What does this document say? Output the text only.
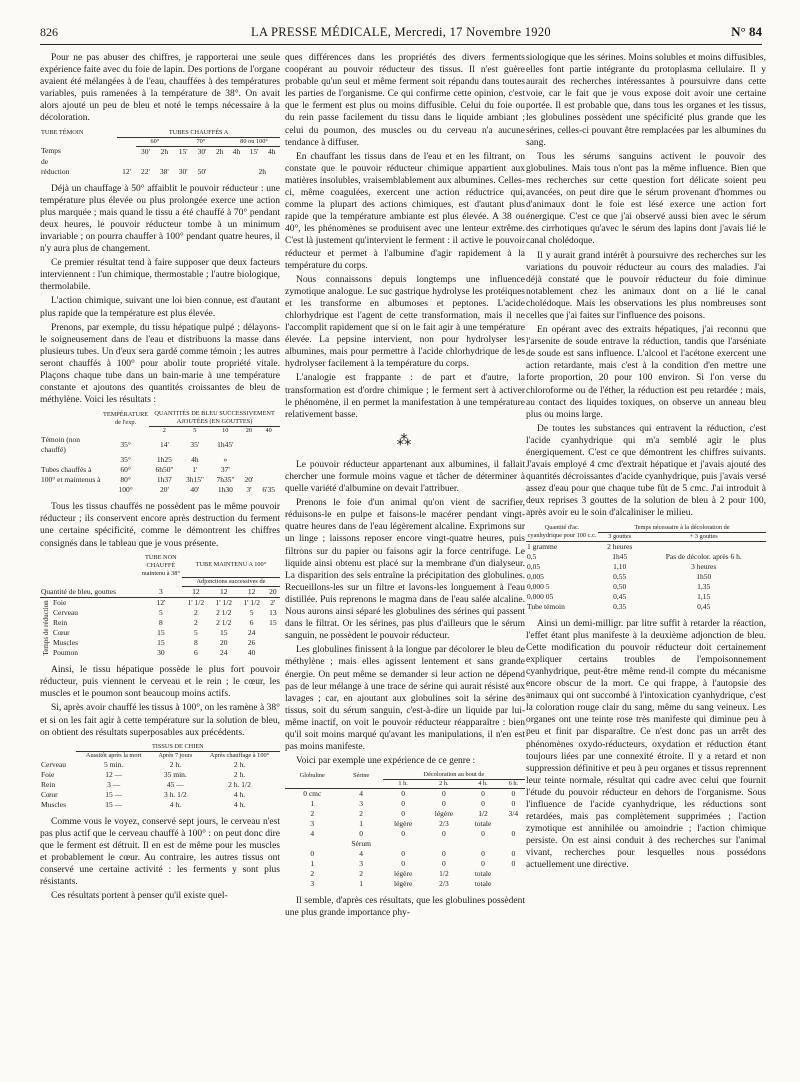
826	LA PRESSE MÉDICALE, Mercredi, 17 Novembre 1920	N° 84

Pour ne pas abuser des chiffres, je rapporterai une seule expérience faite avec du foie de lapin. Des portions de l'organe avaient été mélangées à de l'eau, chauffées à des températures variables, puis ramenées à la température de 38°. On avait alors ajouté un peu de bleu et noté le temps nécessaire à la décoloration.

TUBE TÉMOIN	TUBES CHAUFFÉS A								
		60°		70°			80 ou 100°		
Temps		30'	2h	15'	30'	2h	4h	15'	4h
de									
réduction	12'	22'	38'	30'	50'			2h	

Déjà un chauffage à 50° affaiblit le pouvoir réducteur : une température plus élevée ou plus prolongée exerce une action plus marquée ; mais quand le tissu a été chauffé à 70° pendant deux heures, le pouvoir réducteur tombe à un minimum invariable ; on pourra chauffer à 100° pendant quatre heures, il n'y aura plus de changement.

Ce premier résultat tend à faire supposer que deux facteurs interviennent : l'un chimique, thermostable ; l'autre biologique, thermolabile.

L'action chimique, suivant une loi bien connue, est d'autant plus rapide que la température est plus élevée.

Prenons, par exemple, du tissu hépatique pulpé ; délayons-le soigneusement dans de l'eau et distribuons la masse dans plusieurs tubes. Un d'eux sera gardé comme témoin ; les autres seront chauffés à 100° pour abolir toute propriété vitale. Plaçons chaque tube dans un bain-marie à une température constante et ajoutons des quantités croissantes de bleu de méthylène. Voici les résultats :

	TEMPÉRATURE de l'exp.	QUANTITÉS DE BLEU SUCCESSIVEMENT AJOUTÉES (EN GOUTTES)				
		2	5	10	20	40
Témoin (non chauffé)	35°	14'	35'	1h45'		
Tubes chauffés à 100° et maintenus à	35°	1h25	4h	»		
	60°	6h50''	1'	37'		
	80°	1h37	3h15''	7h35''	20'	
	100°	20'	40'	1h30	3'	6'35

Tous les tissus chauffés ne possèdent pas le même pouvoir réducteur ; ils conservent encore après destruction du ferment une certaine spécificité, comme le démontrent les chiffres consignés dans le tableau que je vous présente.

		TUBE NON CHAUFFÉ maintenu à 38°	TUBE MAINTENU A 100°			
			Adjonctions successives de			
Quantité de bleu, gouttes		3	12	12	12	20
Temps de réduction	Foie	12'	1' 1/2	1' 1/2	1' 1/2	2'
	Cerveau	5	2	2 1/2	5	13
	Rein	8	2	2 1/2	6	15
	Cœur	15	5	15	24	
	Muscles	15	8	20	26	
	Poumon	30	6	24	40	

Ainsi, le tissu hépatique possède le plus fort pouvoir réducteur, puis viennent le cerveau et le rein ; le cœur, les muscles et le poumon sont beaucoup moins actifs.

Si, après avoir chauffé les tissus à 100°, on les ramène à 38° et si on les fait agir à cette température sur la solution de bleu, on obtient des résultats superposables aux précédents.

	TISSUS DE CHIEN		
	Aussitôt après la mort	Après 7 jours	Après chauffage à 100°
Cerveau	5 min.	2 h.	2 h.
Foie	12 —	35 min.	2 h.
Rein	3 —	45 —	2 h. 1/2
Cœur	15 —	3 h. 1/2	4 h.
Muscles	15 —	4 h.	4 h.

Comme vous le voyez, conservé sept jours, le cerveau n'est pas plus actif que le cerveau chauffé à 100° : on peut donc dire que le ferment est détruit. Il en est de même pour les muscles et probablement le cœur. Au contraire, les autres tissus ont conservé une certaine activité : les ferments y sont plus résistants.

Ces résultats portent à penser qu'il existe quel-

ques différences dans les propriétés des divers ferments coopérant au pouvoir réducteur des tissus. Il n'est guère probable qu'un seul et même ferment soit répandu dans toutes les parties de l'organisme. Ce qui confirme cette opinion, c'est que le ferment est plus ou moins diffusible. Celui du foie ou du rein passe facilement du tissu dans le liquide ambiant ; celui du poumon, des muscles ou du cerveau n'a aucune tendance à diffuser.

En chauffant les tissus dans de l'eau et en les filtrant, on constate que le pouvoir réducteur chimique appartient aux matières insolubles, vraisemblablement aux albumines. Celles-ci, même coagulées, exercent une action réductrice qui, comme la plupart des actions chimiques, est d'autant plus rapide que la température ambiante est plus élevée. A 38 ou 40°, les phénomènes se produisent avec une lenteur extrême. C'est là justement qu'intervient le ferment : il active le pouvoir réducteur et permet à l'albumine d'agir rapidement à la température du corps.

Nous connaissons depuis longtemps une influence zymotique analogue. Le suc gastrique hydrolyse les protéiques et les transforme en albumoses et peptones. L'acide chlorhydrique est l'agent de cette transformation, mais il ne l'accomplit rapidement que si on le fait agir à une température élevée. La pepsine intervient, non pour hydrolyser les albumines, mais pour permettre à l'acide chlorhydrique de les hydrolyser facilement à la température du corps.

L'analogie est frappante : de part et d'autre, la transformation est d'ordre chimique ; le ferment sert à activer le phénomène, il en permet la manifestation à une température relativement basse.

⁂

Le pouvoir réducteur appartenant aux albumines, il fallait chercher une formule moins vague et tâcher de déterminer à quelle variété d'albumine on devait l'attribuer.

Prenons le foie d'un animal qu'on vient de sacrifier, réduisons-le en pulpe et faisons-le macérer pendant vingt-quatre heures dans de l'eau légèrement alcaline. Exprimons sur un linge ; laissons reposer encore vingt-quatre heures, puis filtrons sur du papier ou faisons agir la force centrifuge. Le liquide ainsi obtenu est placé sur la membrane d'un dialyseur. La disparition des sels entraîne la précipitation des globulines. Recueillons-les sur un filtre et lavons-les longuement à l'eau distillée. Puis reprenons le magma dans de l'eau salée alcaline. Nous aurons ainsi séparé les globulines des sérines qui passent dans le filtrat. Or les sérines, pas plus d'ailleurs que le sérum sanguin, ne possèdent le pouvoir réducteur.

Les globulines finissent à la longue par décolorer le bleu de méthylène ; mais elles agissent lentement et sans grande énergie. On peut même se demander si leur action ne dépend pas de leur mélange à une trace de sérine qui aurait résisté aux lavages ; car, en ajoutant aux globulines soit la sérine des tissus, soit du sérum sanguin, c'est-à-dire un liquide par lui-même inactif, on voit le pouvoir réducteur réapparaître : bien qu'il soit moins marqué qu'avant les manipulations, il n'en est pas moins manifeste.

Voici par exemple une expérience de ce genre :

Globuline	Sérine	Décoloration au bout de			
		1 h.	2 h.	4 h.	6 h.
0 cmc	4	0	0	0	0
1	3	0	0	0	0
2	2	0	légère	1/2	3/4
3	1	légère	2/3	totale	
4	0	0	0	0	0
	Sérum				
0	4	0	0	0	0
1	3	0	0	0	0
2	2	légère	1/2	totale	
3	1	légère	2/3	totale	

Il semble, d'après ces résultats, que les globulines possèdent une plus grande importance phy-

siologique que les sérines. Moins solubles et moins diffusibles, elles font partie intégrante du protoplasma cellulaire. Il y aurait des recherches intéressantes à poursuivre dans cette voie, car le fait que je vous expose doit avoir une certaine portée. Il est probable que, dans tous les organes et les tissus, les globulines possèdent une spécificité plus grande que les sérines, celles-ci pouvant être remplacées par les albumines du sang.

Tous les sérums sanguins activent le pouvoir des globulines. Mais tous n'ont pas la même influence. Bien que mes recherches sur cette question fort délicate soient peu avancées, on peut dire que le sérum provenant d'hommes ou d'animaux dont le foie est lésé exerce une action fort énergique. C'est ce que j'ai observé aussi bien avec le sérum des cirrhotiques qu'avec le sérum des lapins dont j'avais lié le canal cholédoque.

Il y aurait grand intérêt à poursuivre des recherches sur les variations du pouvoir réducteur au cours des maladies. J'ai déjà constaté que le pouvoir réducteur du foie diminue notablement chez les animaux dont on a lié le canal cholédoque. Mais les observations les plus nombreuses sont celles que j'ai faites sur l'influence des poisons.

En opérant avec des extraits hépatiques, j'ai reconnu que l'arsenite de soude entrave la réduction, tandis que l'arséniate de soude est sans influence. L'alcool et l'acétone exercent une action retardante, mais c'est à la condition d'en mettre une forte proportion, 20 pour 100 environ. Si l'on verse du chloroforme ou de l'éther, la réduction est peu retardée ; mais, au contact des liquides toxiques, on observe un anneau bleu plus ou moins large.

De toutes les substances qui entravent la réduction, c'est l'acide cyanhydrique qui m'a semblé agir le plus énergiquement. C'est ce que démontrent les chiffres suivants. J'avais employé 4 cmc d'extrait hépatique et j'avais ajouté des quantités décroissantes d'acide cyanhydrique, puis j'avais versé assez d'eau pour que chaque tube fût de 5 cmc. J'ai introduit à deux reprises 3 gouttes de la solution de bleu à 2 pour 100, après avoir eu le soin d'alcaliniser le milieu.

Quantité d'ac. cyanhydrique pour 100 c.c.	Temps nécessaire à la décoloration de	
	3 gouttes	+ 3 gouttes
1 gramme	2 heures	
0,5	1h45	Pas de décolor. après 6 h.
0,05	1,10	3 heures
0,005	0,55	1h50
0,000 5	0,50	1,35
0,000 05	0,45	1,15
Tube témoin	0,35	0,45

Ainsi un demi-milligr. par litre suffit à retarder la réaction, l'effet étant plus manifeste à la deuxième adjonction de bleu. Cette modification du pouvoir réducteur doit certainement expliquer certains troubles de l'empoisonnement cyanhydrique, peut-être même rend-il compte du mécanisme encore obscur de la mort. Ce qui frappe, à l'autopsie des animaux qui ont succombé à l'intoxication cyanhydrique, c'est la coloration rouge clair du sang, même du sang veineux. Les organes ont une teinte rose très manifeste qui diminue peu à peu et finit par disparaître. Ce n'est donc pas un arrêt des phénomènes oxydo-réducteurs, oxydation et réduction étant toujours liées par une connexité étroite. Il y a retard et non suppression définitive et peu à peu organes et tissus reprennent leur teinte normale, résultat qui cadre avec celui que fournit l'étude du pouvoir réducteur en dehors de l'organisme. Sous l'influence de l'acide cyanhydrique, les réductions sont retardées, mais pas complètement supprimées ; l'action zymotique est annihilée ou amoindrie ; l'action chimique persiste. On est ainsi conduit à des recherches sur l'animal vivant, recherches pour lesquelles nous possédons actuellement une directive.
